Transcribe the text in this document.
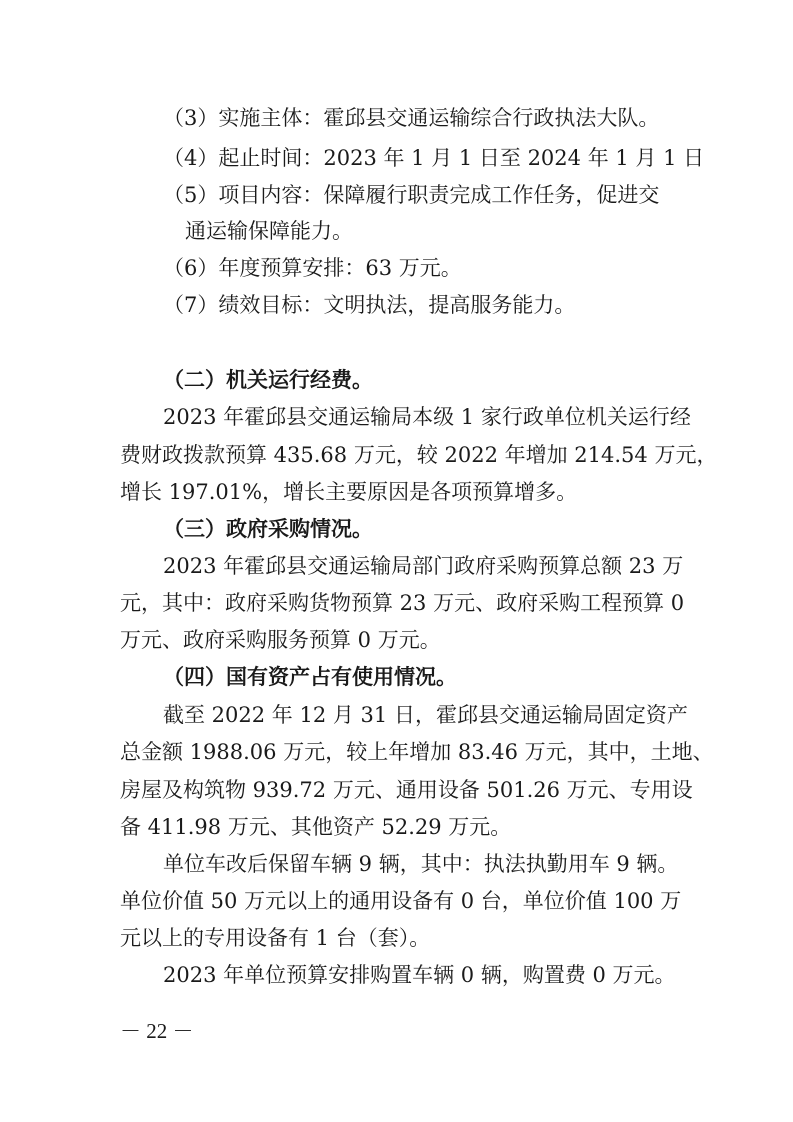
（3）实施主体：霍邱县交通运输综合行政执法大队。
（4）起止时间：2023 年 1 月 1 日至 2024 年 1 月 1 日
（5）项目内容：保障履行职责完成工作任务，促进交
通运输保障能力。
（6）年度预算安排：63 万元。
（7）绩效目标：文明执法，提高服务能力。
（二）机关运行经费。
2023 年霍邱县交通运输局本级 1 家行政单位机关运行经
费财政拨款预算 435.68 万元，较 2022 年增加 214.54 万元，
增长 197.01%，增长主要原因是各项预算增多。
（三）政府采购情况。
2023 年霍邱县交通运输局部门政府采购预算总额 23 万
元，其中：政府采购货物预算 23 万元、政府采购工程预算 0
万元、政府采购服务预算 0 万元。
（四）国有资产占有使用情况。
截至 2022 年 12 月 31 日，霍邱县交通运输局固定资产
总金额 1988.06 万元，较上年增加 83.46 万元，其中，土地、
房屋及构筑物 939.72 万元、通用设备 501.26 万元、专用设
备 411.98 万元、其他资产 52.29 万元。
单位车改后保留车辆 9 辆，其中：执法执勤用车 9 辆。
单位价值 50 万元以上的通用设备有 0 台，单位价值 100 万
元以上的专用设备有 1 台（套）。
2023 年单位预算安排购置车辆 0 辆，购置费 0 万元。
－ 22 －
